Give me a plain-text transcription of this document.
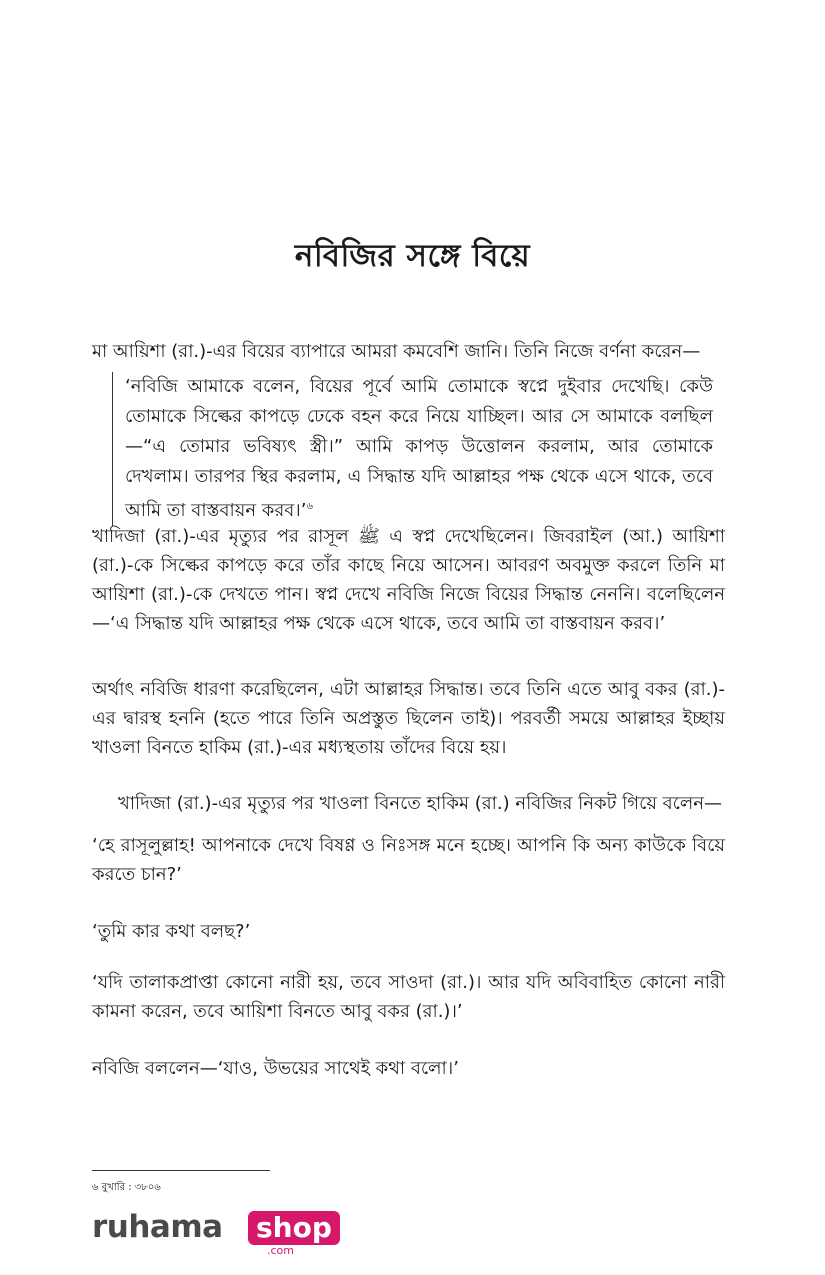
নবিজির সঙ্গে বিয়ে

মা আয়িশা (রা.)-এর বিয়ের ব্যাপারে আমরা কমবেশি জানি। তিনি নিজে বর্ণনা করেন—

‘নবিজি আমাকে বলেন, বিয়ের পূর্বে আমি তোমাকে স্বপ্নে দুইবার দেখেছি। কেউ তোমাকে সিল্কের কাপড়ে ঢেকে বহন করে নিয়ে যাচ্ছিল। আর সে আমাকে বলছিল—“এ তোমার ভবিষ্যৎ স্ত্রী।” আমি কাপড় উত্তোলন করলাম, আর তোমাকে দেখলাম। তারপর স্থির করলাম, এ সিদ্ধান্ত যদি আল্লাহর পক্ষ থেকে এসে থাকে, তবে আমি তা বাস্তবায়ন করব।’$^৬$

খাদিজা (রা.)-এর মৃত্যুর পর রাসূল ﷺ এ স্বপ্ন দেখেছিলেন। জিবরাইল (আ.) আয়িশা (রা.)-কে সিল্কের কাপড়ে করে তাঁর কাছে নিয়ে আসেন। আবরণ অবমুক্ত করলে তিনি মা আয়িশা (রা.)-কে দেখতে পান। স্বপ্ন দেখে নবিজি নিজে বিয়ের সিদ্ধান্ত নেননি। বলেছিলেন—‘এ সিদ্ধান্ত যদি আল্লাহর পক্ষ থেকে এসে থাকে, তবে আমি তা বাস্তবায়ন করব।’

অর্থাৎ নবিজি ধারণা করেছিলেন, এটা আল্লাহর সিদ্ধান্ত। তবে তিনি এতে আবু বকর (রা.)-এর দ্বারস্থ হননি (হতে পারে তিনি অপ্রস্তুত ছিলেন তাই)। পরবর্তী সময়ে আল্লাহর ইচ্ছায় খাওলা বিনতে হাকিম (রা.)-এর মধ্যস্থতায় তাঁদের বিয়ে হয়।

খাদিজা (রা.)-এর মৃত্যুর পর খাওলা বিনতে হাকিম (রা.) নবিজির নিকট গিয়ে বলেন—

‘হে রাসূলুল্লাহ! আপনাকে দেখে বিষণ্ণ ও নিঃসঙ্গ মনে হচ্ছে। আপনি কি অন্য কাউকে বিয়ে করতে চান?’

‘তুমি কার কথা বলছ?’

‘যদি তালাকপ্রাপ্তা কোনো নারী হয়, তবে সাওদা (রা.)। আর যদি অবিবাহিত কোনো নারী কামনা করেন, তবে আয়িশা বিনতে আবু বকর (রা.)।’

নবিজি বললেন—‘যাও, উভয়ের সাথেই কথা বলো।’

৬ বুখারি : ৩৮০৬
ruhama shop
.com
